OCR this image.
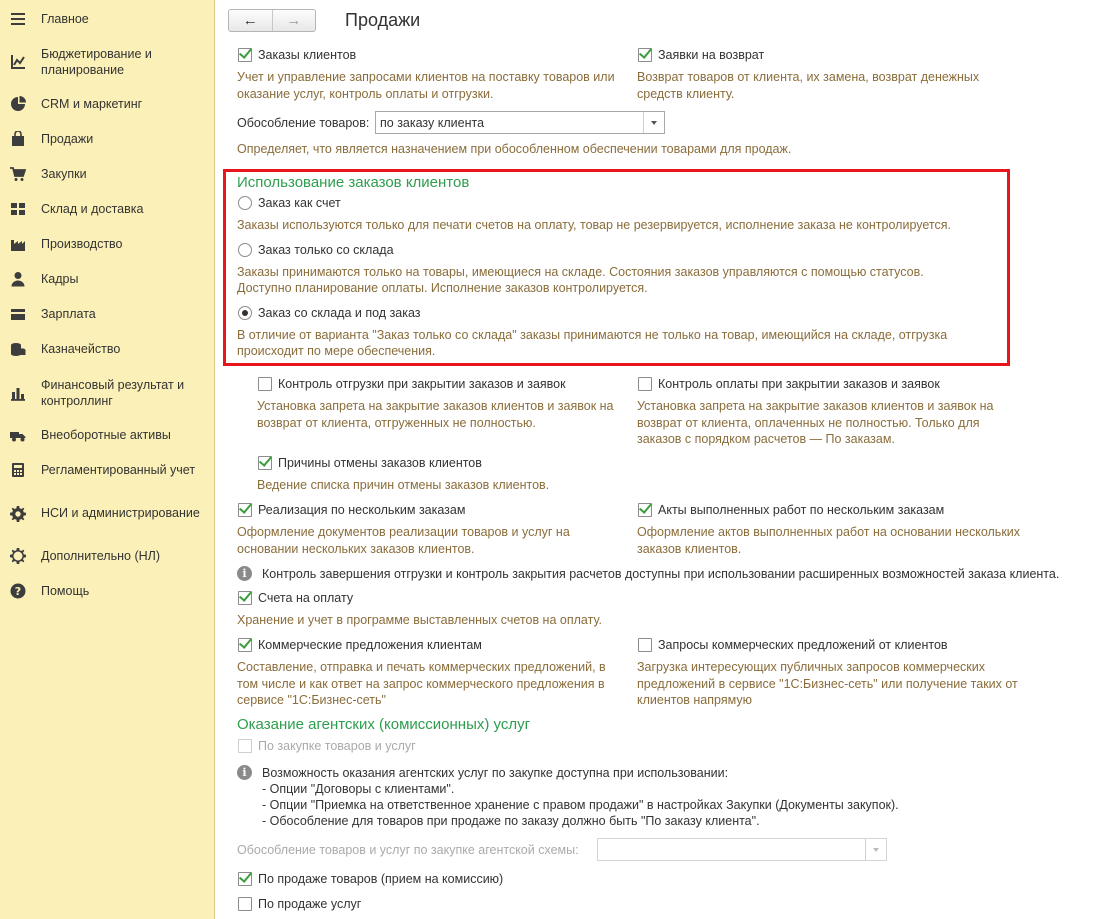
Главное
Бюджетирование и планирование
CRM и маркетинг
Продажи
Закупки
Склад и доставка
Производство
Кадры
Зарплата
Казначейство
Финансовый результат и контроллинг
Внеоборотные активы
Регламентированный учет
НСИ и администрирование
Дополнительно (НЛ)
? Помощь
←	→	Продажи
Заказы клиентов
Учет и управление запросами клиентов на поставку товаров или оказание услуг, контроль оплаты и отгрузки.
Заявки на возврат
Возврат товаров от клиента, их замена, возврат денежных средств клиенту.
Обособление товаров: по заказу клиента
Определяет, что является назначением при обособленном обеспечении товарами для продаж.
Использование заказов клиентов
Заказ как счет
Заказы используются только для печати счетов на оплату, товар не резервируется, исполнение заказа не контролируется.
Заказ только со склада
Заказы принимаются только на товары, имеющиеся на складе. Состояния заказов управляются с помощью статусов.
Доступно планирование оплаты. Исполнение заказов контролируется.
Заказ со склада и под заказ
В отличие от варианта "Заказ только со склада" заказы принимаются не только на товар, имеющийся на складе, отгрузка
происходит по мере обеспечения.
Контроль отгрузки при закрытии заказов и заявок
Установка запрета на закрытие заказов клиентов и заявок на возврат от клиента, отгруженных не полностью.
Контроль оплаты при закрытии заказов и заявок
Установка запрета на закрытие заказов клиентов и заявок на возврат от клиента, оплаченных не полностью. Только для заказов с порядком расчетов — По заказам.
Причины отмены заказов клиентов
Ведение списка причин отмены заказов клиентов.
Реализация по нескольким заказам
Оформление документов реализации товаров и услуг на основании нескольких заказов клиентов.
Акты выполненных работ по нескольким заказам
Оформление актов выполненных работ на основании нескольких заказов клиентов.
i	Контроль завершения отгрузки и контроль закрытия расчетов доступны при использовании расширенных возможностей заказа клиента.
Счета на оплату
Хранение и учет в программе выставленных счетов на оплату.
Коммерческие предложения клиентам
Составление, отправка и печать коммерческих предложений, в том числе и как ответ на запрос коммерческого предложения в сервисе "1С:Бизнес-сеть"
Запросы коммерческих предложений от клиентов
Загрузка интересующих публичных запросов коммерческих предложений в сервисе "1С:Бизнес-сеть" или получение таких от клиентов напрямую
Оказание агентских (комиссионных) услуг
По закупке товаров и услуг
i	Возможность оказания агентских услуг по закупке доступна при использовании:
- Опции "Договоры с клиентами".
- Опции "Приемка на ответственное хранение с правом продажи" в настройках Закупки (Документы закупок).
- Обособление для товаров при продаже по заказу должно быть "По заказу клиента".
Обособление товаров и услуг по закупке агентской схемы:
По продаже товаров (прием на комиссию)
По продаже услуг
